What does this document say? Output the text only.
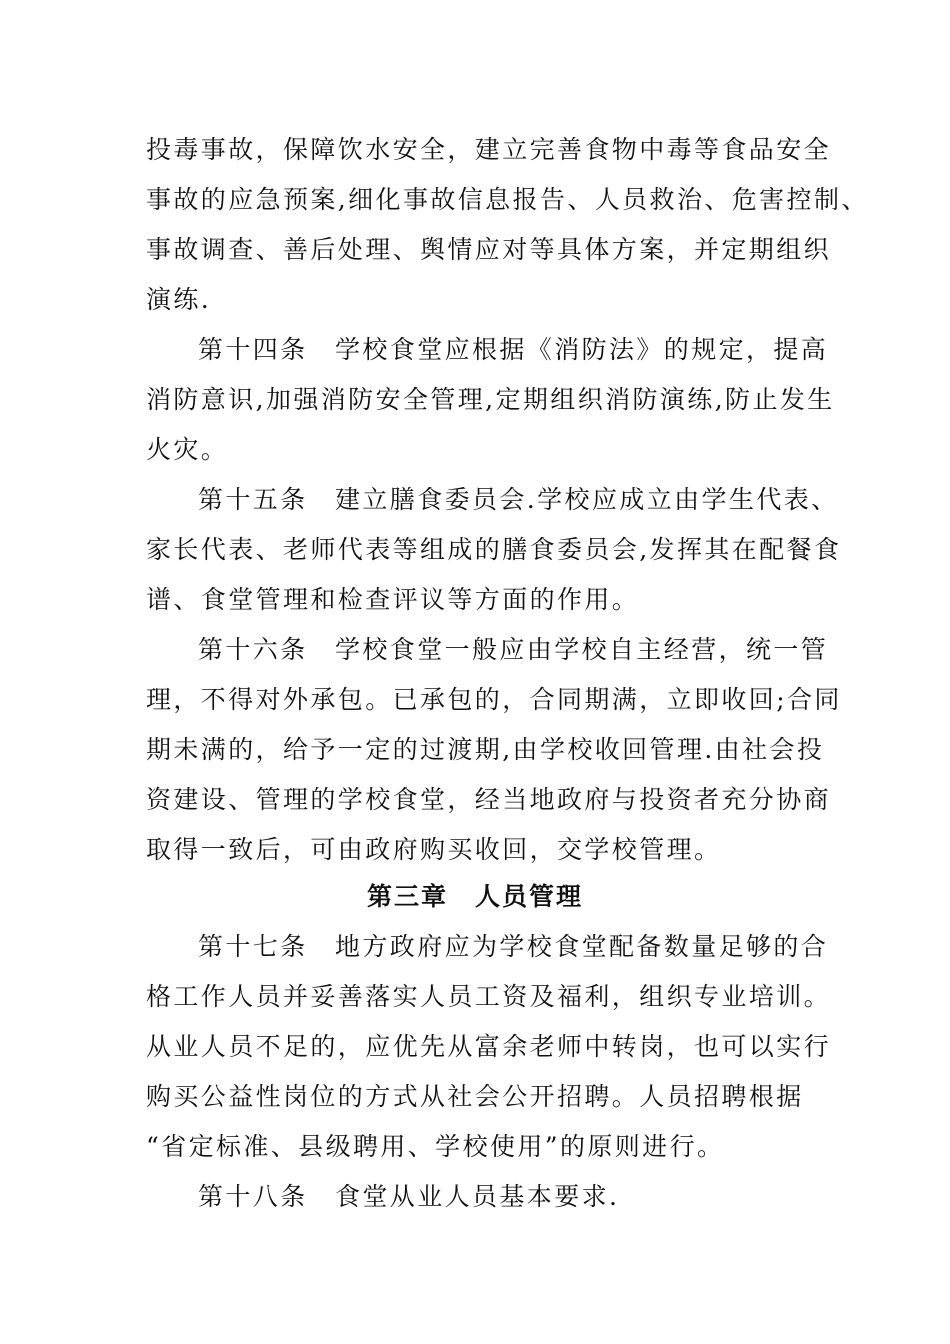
投毒事故，保障饮水安全，建立完善食物中毒等食品安全
事故的应急预案,细化事故信息报告、人员救治、危害控制、
事故调查、善后处理、舆情应对等具体方案，并定期组织
演练.
第十四条　学校食堂应根据《消防法》的规定，提高
消防意识,加强消防安全管理,定期组织消防演练,防止发生
火灾。
第十五条　建立膳食委员会.学校应成立由学生代表、
家长代表、老师代表等组成的膳食委员会,发挥其在配餐食
谱、食堂管理和检查评议等方面的作用。
第十六条　学校食堂一般应由学校自主经营，统一管
理，不得对外承包。已承包的，合同期满，立即收回;合同
期未满的，给予一定的过渡期,由学校收回管理.由社会投
资建设、管理的学校食堂，经当地政府与投资者充分协商
取得一致后，可由政府购买收回，交学校管理。
第三章　人员管理
第十七条　地方政府应为学校食堂配备数量足够的合
格工作人员并妥善落实人员工资及福利，组织专业培训。
从业人员不足的，应优先从富余老师中转岗，也可以实行
购买公益性岗位的方式从社会公开招聘。人员招聘根据
“省定标准、县级聘用、学校使用”的原则进行。
第十八条　食堂从业人员基本要求.
